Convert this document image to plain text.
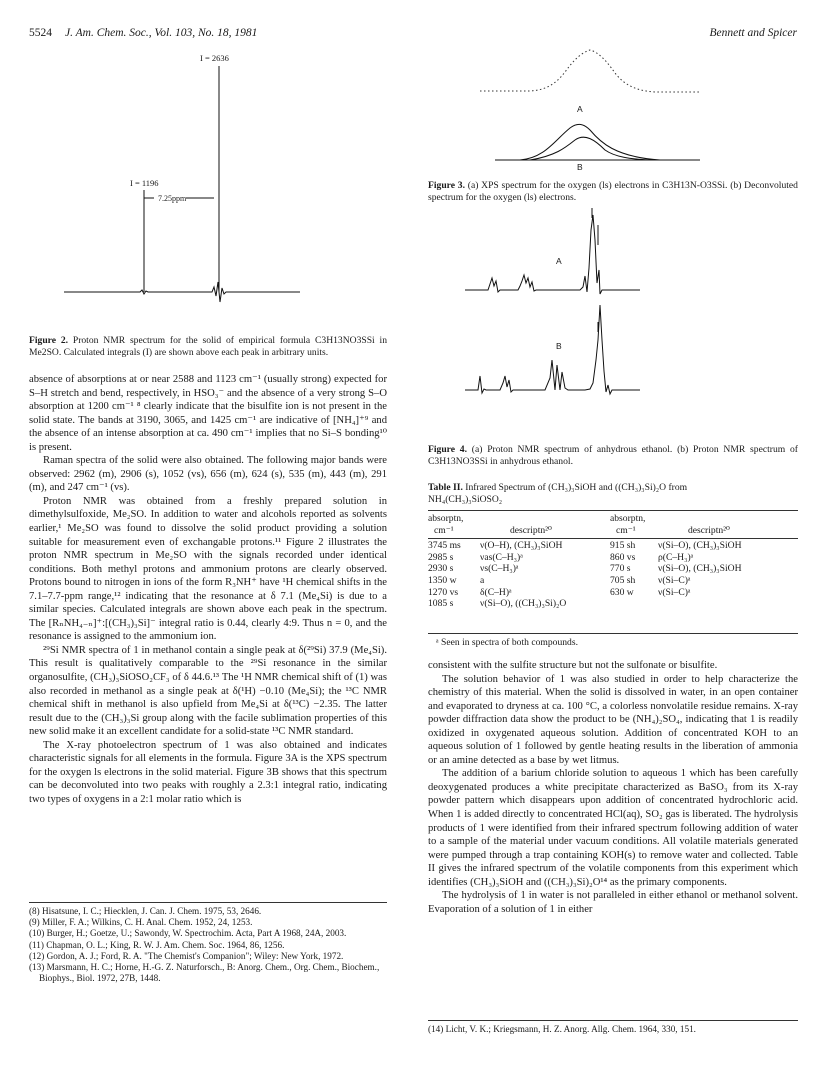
5524 J. Am. Chem. Soc., Vol. 103, No. 18, 1981	Bennett and Spicer
I = 2636
I = 1196
7.25ppm
Figure 2. Proton NMR spectrum for the solid of empirical formula C3H13NO3SSi in Me2SO. Calculated integrals (I) are shown above each peak in arbitrary units.

absence of absorptions at or near 2588 and 1123 cm⁻¹ (usually strong) expected for S–H stretch and bend, respectively, in HSO₃⁻ and the absence of a very strong S–O absorption at 1200 cm⁻¹ ⁸ clearly indicate that the bisulfite ion is not present in the solid state. The bands at 3190, 3065, and 1425 cm⁻¹ are indicative of [NH₄]⁺⁹ and the absence of an intense absorption at ca. 490 cm⁻¹ implies that no Si–S bonding¹⁰ is present.

Raman spectra of the solid were also obtained. The following major bands were observed: 2962 (m), 2906 (s), 1052 (vs), 656 (m), 624 (s), 535 (m), 443 (m), 291 (m), and 247 cm⁻¹ (vs).

Proton NMR was obtained from a freshly prepared solution in dimethylsulfoxide, Me₂SO. In addition to water and alcohols reported as solvents earlier,¹ Me₂SO was found to dissolve the solid product providing a solution suitable for measurement even of exchangable protons.¹¹ Figure 2 illustrates the proton NMR spectrum in Me₂SO with the signals recorded under identical conditions. Both methyl protons and ammonium protons are clearly observed. Protons bound to nitrogen in ions of the form R₃NH⁺ have ¹H chemical shifts in the 7.1–7.7-ppm range,¹² indicating that the resonance at δ 7.1 (Me₄Si) is due to a similar species. Calculated integrals are shown above each peak in the spectrum. The [RₙNH₄₋ₙ]⁺:[(CH₃)₃Si]⁻ integral ratio is 0.44, clearly 4:9. Thus n = 0, and the resonance is assigned to the ammonium ion.

²⁹Si NMR spectra of 1 in methanol contain a single peak at δ(²⁹Si) 37.9 (Me₄Si). This result is qualitatively comparable to the ²⁹Si resonance in the similar organosulfite, (CH₃)₃SiOSO₂CF₃ of δ 44.6.¹³ The ¹H NMR chemical shift of (1) was also recorded in methanol as a single peak at δ(¹H) −0.10 (Me₄Si); the ¹³C NMR chemical shift in methanol is also upfield from Me₄Si at δ(¹³C) −2.35. The latter result due to the (CH₃)₃Si group along with the facile sublimation properties of this new solid make it an excellent candidate for a solid-state ¹³C NMR standard.

The X-ray photoelectron spectrum of 1 was also obtained and indicates characteristic signals for all elements in the formula. Figure 3A is the XPS spectrum for the oxygen ls electrons in the solid material. Figure 3B shows that this spectrum can be deconvoluted into two peaks with roughly a 2.3:1 integral ratio, indicating two types of oxygens in a 2:1 molar ratio which is

(8) Hisatsune, I. C.; Hiecklen, J. Can. J. Chem. 1975, 53, 2646.
(9) Miller, F. A.; Wilkins, C. H. Anal. Chem. 1952, 24, 1253.
(10) Burger, H.; Goetze, U.; Sawondy, W. Spectrochim. Acta, Part A 1968, 24A, 2003.
(11) Chapman, O. L.; King, R. W. J. Am. Chem. Soc. 1964, 86, 1256.
(12) Gordon, A. J.; Ford, R. A. "The Chemist's Companion"; Wiley: New York, 1972.
(13) Marsmann, H. C.; Horne, H.-G. Z. Naturforsch., B: Anorg. Chem., Org. Chem., Biochem., Biophys., Biol. 1972, 27B, 1448.
A
B
Figure 3. (a) XPS spectrum for the oxygen (ls) electrons in C3H13N-O3SSi. (b) Deconvoluted spectrum for the oxygen (ls) electrons.
A
B
Figure 4. (a) Proton NMR spectrum of anhydrous ethanol. (b) Proton NMR spectrum of C3H13NO3SSi in anhydrous ethanol.
Table II. Infrared Spectrum of (CH₃)₃SiOH and ((CH₃)₃Si)₂O from NH₄(CH₃)₃SiOSO₂
absorptn,		absorptn,	
cm⁻¹	descriptn²⁰	cm⁻¹	descriptn²⁰

3745 ms	ν(O–H), (CH₃)₃SiOH	915 sh	ν(Si–O), (CH₃)₃SiOH
2985 s	νas(C–H₃)ᵃ	860 vs	ρ(C–H₃)ᵃ
2930 s	νs(C–H₃)ᵃ	770 s	ν(Si–O), (CH₃)₃SiOH
1350 w	a	705 sh	ν(Si–C)ᵃ
1270 vs	δ(C–H)ᵃ	630 w	ν(Si–C)ᵃ
1085 s	ν(Si–O), ((CH₃)₃Si)₂O		
ᵃ Seen in spectra of both compounds.

consistent with the sulfite structure but not the sulfonate or bisulfite.

The solution behavior of 1 was also studied in order to help characterize the chemistry of this material. When the solid is dissolved in water, in an open container and evaporated to dryness at ca. 100 °C, a colorless nonvolatile residue remains. X-ray powder diffraction data show the product to be (NH₄)₂SO₄, indicating that 1 is readily oxidized in oxygenated aqueous solution. Addition of concentrated KOH to an aqueous solution of 1 followed by gentle heating results in the liberation of ammonia or an amine detected as a base by wet litmus.

The addition of a barium chloride solution to aqueous 1 which has been carefully deoxygenated produces a white precipitate characterized as BaSO₃ from its X-ray powder pattern which disappears upon addition of concentrated hydrochloric acid. When 1 is added directly to concentrated HCl(aq), SO₂ gas is liberated. The hydrolysis products of 1 were identified from their infrared spectrum following addition of water to a sample of the material under vacuum conditions. All volatile materials generated were pumped through a trap containing KOH(s) to remove water and collected. Table II gives the infrared spectrum of the volatile components from this experiment which identifies (CH₃)₃SiOH and ((CH₃)₃Si)₂O¹⁴ as the primary components.

The hydrolysis of 1 in water is not paralleled in either ethanol or methanol solvent. Evaporation of a solution of 1 in either

(14) Licht, V. K.; Kriegsmann, H. Z. Anorg. Allg. Chem. 1964, 330, 151.
